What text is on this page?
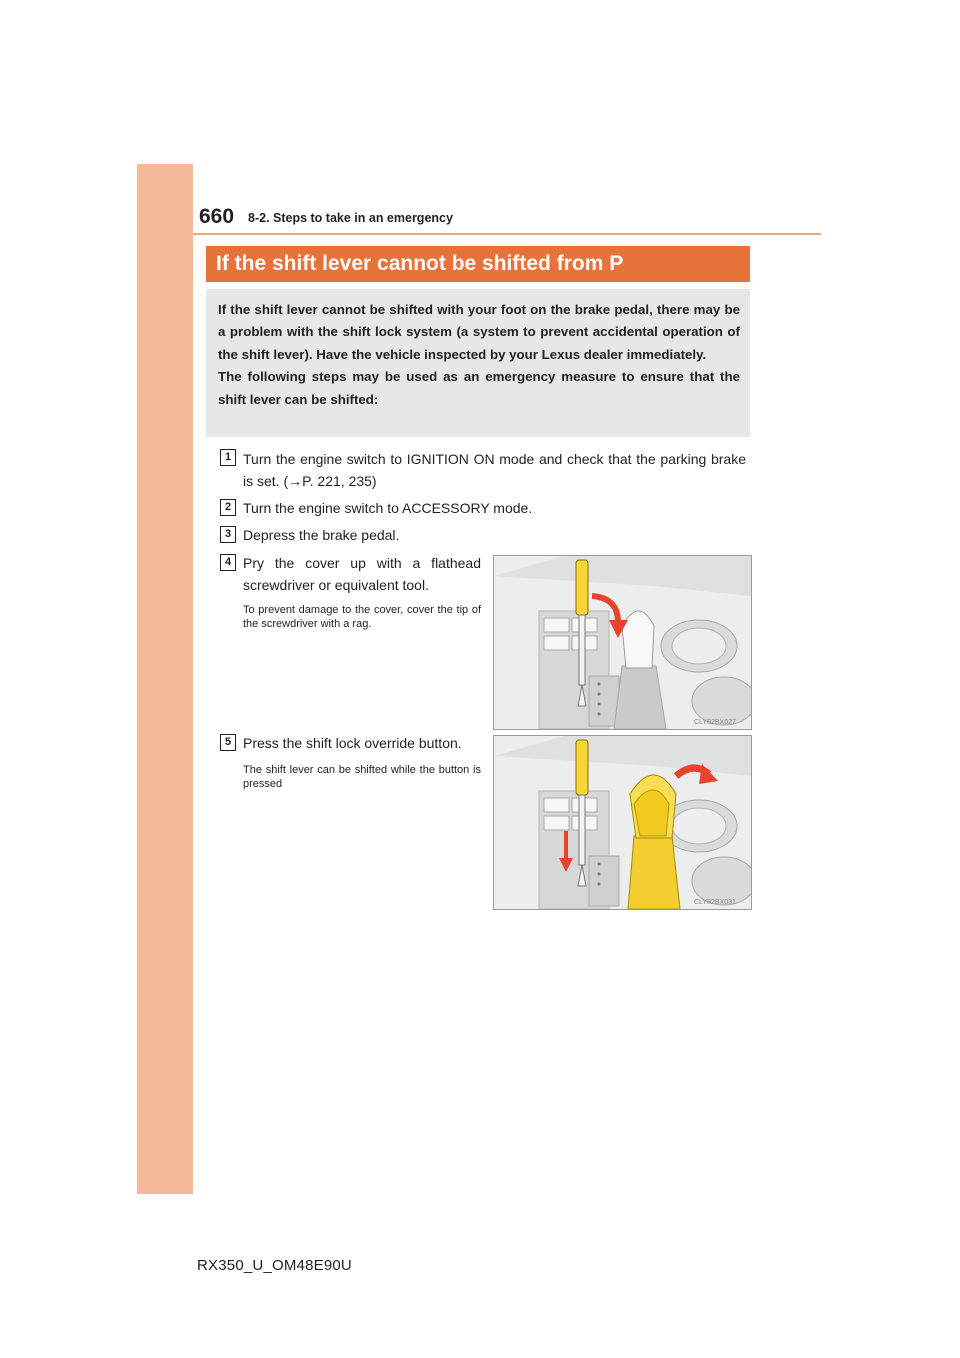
660 8-2. Steps to take in an emergency
If the shift lever cannot be shifted from P

If the shift lever cannot be shifted with your foot on the brake pedal, there may be a problem with the shift lock system (a system to prevent accidental operation of the shift lever). Have the vehicle inspected by your Lexus dealer immediately.

The following steps may be used as an emergency measure to ensure that the shift lever can be shifted:

1 Turn the engine switch to IGNITION ON mode and check that the parking brake is set. (→P. 221, 235)
2 Turn the engine switch to ACCESSORY mode.
3 Depress the brake pedal.
4 Pry the cover up with a flathead screwdriver or equivalent tool.
To prevent damage to the cover, cover the tip of the screwdriver with a rag.
5 Press the shift lock override button.
The shift lever can be shifted while the button is pressed
CLY82BX027
CLY82BX031
RX350_U_OM48E90U
